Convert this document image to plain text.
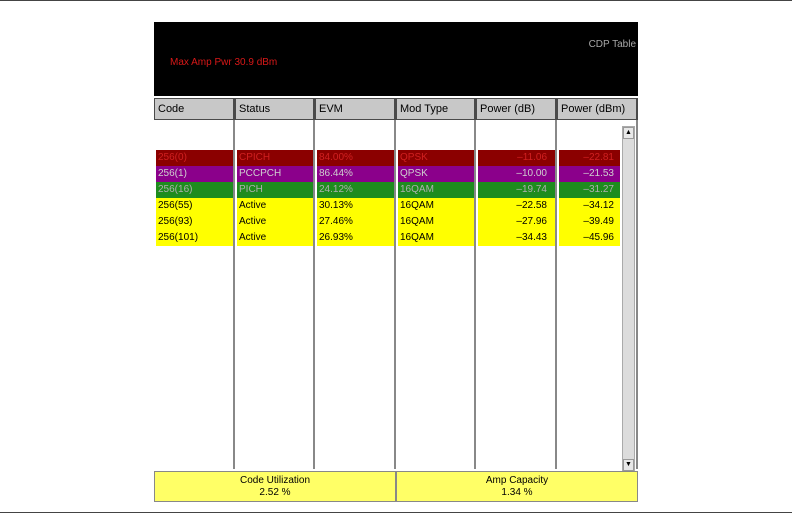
CDP Table
Max Amp Pwr 30.9 dBm
Code
256(0)
256(1)
256(16)
256(55)
256(93)
256(101)
Status
CPICH
PCCPCH
PICH
Active
Active
Active
EVM
84.00%
86.44%
24.12%
30.13%
27.46%
26.93%
Mod Type
QPSK
QPSK
16QAM
16QAM
16QAM
16QAM
Power (dB)
–11.06
–10.00
–19.74
–22.58
–27.96
–34.43
Power (dBm)
–22.81
–21.53
–31.27
–34.12
–39.49
–45.96
▲
▼
Code Utilization
2.52 %
Amp Capacity
1.34 %
